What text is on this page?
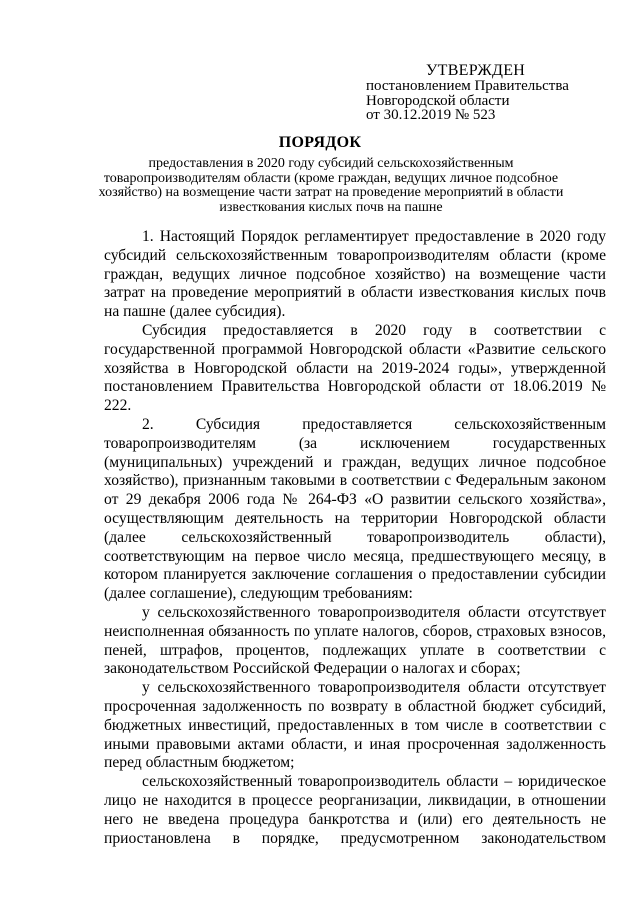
УТВЕРЖДЕН

постановлением Правительства
Новгородской области
от 30.12.2019 № 523
ПОРЯДОК
предоставления в 2020 году субсидий сельскохозяйственным
товаропроизводителям области (кроме граждан, ведущих личное подсобное
хозяйство) на возмещение части затрат на проведение мероприятий в области
известкования кислых почв на пашне

1. Настоящий Порядок регламентирует предоставление в 2020 году субсидий сельскохозяйственным товаропроизводителям области (кроме граждан, ведущих личное подсобное хозяйство) на возмещение части затрат на проведение мероприятий в области известкования кислых почв на пашне (далее субсидия).

Субсидия предоставляется в 2020 году в соответствии с государственной программой Новгородской области «Развитие сельского хозяйства в Новгородской области на 2019-2024 годы», утвержденной постановлением Правительства Новгородской области от 18.06.2019 № 222.

2. Субсидия предоставляется сельскохозяйственным товаропроизводителям (за исключением государственных (муниципальных) учреждений и граждан, ведущих личное подсобное хозяйство), признанным таковыми в соответствии с Федеральным законом от 29 декабря 2006 года № 264-ФЗ «О развитии сельского хозяйства», осуществляющим деятельность на территории Новгородской области (далее сельскохозяйственный товаропроизводитель области), соответствующим на первое число месяца, предшествующего месяцу, в котором планируется заключение соглашения о предоставлении субсидии (далее соглашение), следующим требованиям:

у сельскохозяйственного товаропроизводителя области отсутствует неисполненная обязанность по уплате налогов, сборов, страховых взносов, пеней, штрафов, процентов, подлежащих уплате в соответствии с законодательством Российской Федерации о налогах и сборах;

у сельскохозяйственного товаропроизводителя области отсутствует просроченная задолженность по возврату в областной бюджет субсидий, бюджетных инвестиций, предоставленных в том числе в соответствии с иными правовыми актами области, и иная просроченная задолженность перед областным бюджетом;

сельскохозяйственный товаропроизводитель области – юридическое лицо не находится в процессе реорганизации, ликвидации, в отношении него не введена процедура банкротства и (или) его деятельность не приостановлена в порядке, предусмотренном законодательством
